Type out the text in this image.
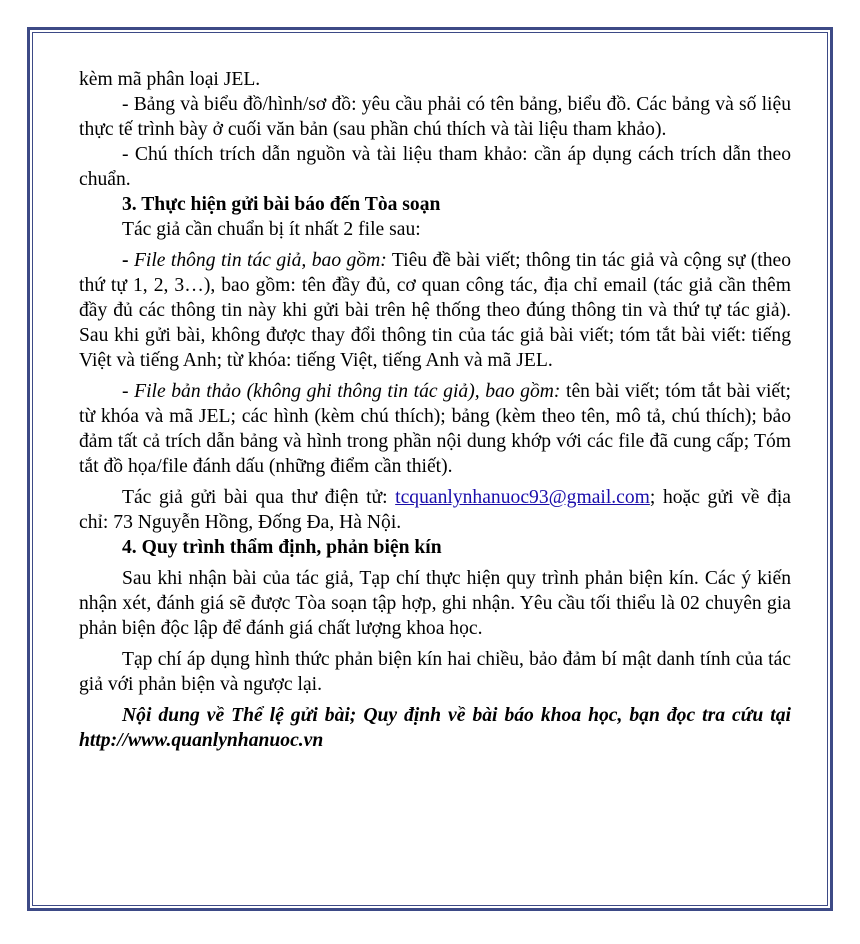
kèm mã phân loại JEL.

- Bảng và biểu đồ/hình/sơ đồ: yêu cầu phải có tên bảng, biểu đồ. Các bảng và số liệu thực tế trình bày ở cuối văn bản (sau phần chú thích và tài liệu tham khảo).

- Chú thích trích dẫn nguồn và tài liệu tham khảo: cần áp dụng cách trích dẫn theo chuẩn.

3. Thực hiện gửi bài báo đến Tòa soạn

Tác giả cần chuẩn bị ít nhất 2 file sau:

- File thông tin tác giả, bao gồm: Tiêu đề bài viết; thông tin tác giả và cộng sự (theo thứ tự 1, 2, 3…), bao gồm: tên đầy đủ, cơ quan công tác, địa chỉ email (tác giả cần thêm đầy đủ các thông tin này khi gửi bài trên hệ thống theo đúng thông tin và thứ tự tác giả). Sau khi gửi bài, không được thay đổi thông tin của tác giả bài viết; tóm tắt bài viết: tiếng Việt và tiếng Anh; từ khóa: tiếng Việt, tiếng Anh và mã JEL.

- File bản thảo (không ghi thông tin tác giả), bao gồm: tên bài viết; tóm tắt bài viết; từ khóa và mã JEL; các hình (kèm chú thích); bảng (kèm theo tên, mô tả, chú thích); bảo đảm tất cả trích dẫn bảng và hình trong phần nội dung khớp với các file đã cung cấp; Tóm tắt đồ họa/file đánh dấu (những điểm cần thiết).

Tác giả gửi bài qua thư điện tử: tcquanlynhanuoc93@gmail.com; hoặc gửi về địa chỉ: 73 Nguyễn Hồng, Đống Đa, Hà Nội.

4. Quy trình thẩm định, phản biện kín

Sau khi nhận bài của tác giả, Tạp chí thực hiện quy trình phản biện kín. Các ý kiến nhận xét, đánh giá sẽ được Tòa soạn tập hợp, ghi nhận. Yêu cầu tối thiểu là 02 chuyên gia phản biện độc lập để đánh giá chất lượng khoa học.

Tạp chí áp dụng hình thức phản biện kín hai chiều, bảo đảm bí mật danh tính của tác giả với phản biện và ngược lại.

Nội dung về Thể lệ gửi bài; Quy định về bài báo khoa học, bạn đọc tra cứu tại http://www.quanlynhanuoc.vn
